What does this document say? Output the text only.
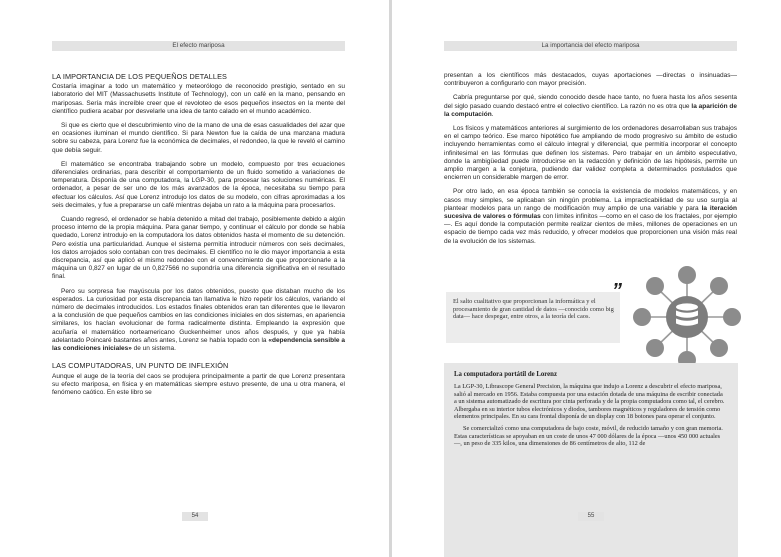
El efecto mariposa
LA IMPORTANCIA DE LOS PEQUEÑOS DETALLES

Costaría imaginar a todo un matemático y meteorólogo de reconocido prestigio, sentado en su laboratorio del MIT (Massachusetts Institute of Technology), con un café en la mano, pensando en mariposas. Sería más increíble creer que el revoloteo de esos pequeños insectos en la mente del científico pudiera acabar por desvelarle una idea de tanto calado en el mundo académico.

Si que es cierto que el descubrimiento vino de la mano de una de esas casualidades del azar que en ocasiones iluminan el mundo científico. Si para Newton fue la caída de una manzana madura sobre su cabeza, para Lorenz fue la económica de decimales, el redondeo, la que le reveló el camino que debía seguir.

El matemático se encontraba trabajando sobre un modelo, compuesto por tres ecuaciones diferenciales ordinarias, para describir el comportamiento de un fluido sometido a variaciones de temperatura. Disponía de una computadora, la LGP-30, para procesar las soluciones numéricas. El ordenador, a pesar de ser uno de los más avanzados de la época, necesitaba su tiempo para efectuar los cálculos. Así que Lorenz introdujo los datos de su modelo, con cifras aproximadas a los seis decimales, y fue a prepararse un café mientras dejaba un rato a la máquina para procesarlos.

Cuando regresó, el ordenador se había detenido a mitad del trabajo, posiblemente debido a algún proceso interno de la propia máquina. Para ganar tiempo, y continuar el cálculo por donde se había quedado, Lorenz introdujo en la computadora los datos obtenidos hasta el momento de su detención. Pero existía una particularidad. Aunque el sistema permitía introducir números con seis decimales, los datos arrojados solo contaban con tres decimales. El científico no le dio mayor importancia a esta discrepancia, así que aplicó el mismo redondeo con el convencimiento de que proporcionarle a la máquina un 0,827 en lugar de un 0,827566 no supondría una diferencia significativa en el resultado final.

Pero su sorpresa fue mayúscula por los datos obtenidos, puesto que distaban mucho de los esperados. La curiosidad por esta discrepancia tan llamativa le hizo repetir los cálculos, variando el número de decimales introducidos. Los estados finales obtenidos eran tan diferentes que le llevaron a la conclusión de que pequeños cambios en las condiciones iniciales en dos sistemas, en apariencia similares, los hacían evolucionar de forma radicalmente distinta. Empleando la expresión que acuñaría el matemático norteamericano Guckenheimer unos años después, y que ya había adelantado Poincaré bastantes años antes, Lorenz se había topado con la «dependencia sensible a las condiciones iniciales» de un sistema.

LAS COMPUTADORAS, UN PUNTO DE INFLEXIÓN

Aunque el auge de la teoría del caos se produjera principalmente a partir de que Lorenz presentara su efecto mariposa, en física y en matemáticas siempre estuvo presente, de una u otra manera, el fenómeno caótico. En este libro se

54
La importancia del efecto mariposa

presentan a los científicos más destacados, cuyas aportaciones —directas o insinuadas— contribuyeron a configurarlo con mayor precisión.

Cabría preguntarse por qué, siendo conocido desde hace tanto, no fuera hasta los años sesenta del siglo pasado cuando destacó entre el colectivo científico. La razón no es otra que la aparición de la computación.

Los físicos y matemáticos anteriores al surgimiento de los ordenadores desarrollaban sus trabajos en el campo teórico. Ese marco hipotético fue ampliando de modo progresivo su ámbito de estudio incluyendo herramientas como el cálculo integral y diferencial, que permitía incorporar el concepto infinitesimal en las fórmulas que definen los sistemas. Pero trabajar en un ámbito especulativo, donde la ambigüedad puede introducirse en la redacción y definición de las hipótesis, permite un amplio margen a la conjetura, pudiendo dar validez completa a determinados postulados que encierren un considerable margen de error.

Por otro lado, en esa época también se conocía la existencia de modelos matemáticos, y en casos muy simples, se aplicaban sin ningún problema. La impracticabilidad de su uso surgía al plantear modelos para un rango de modificación muy amplio de una variable y para la iteración sucesiva de valores o fórmulas con límites infinitos —como en el caso de los fractales, por ejemplo—. Es aquí donde la computación permite realizar cientos de miles, millones de operaciones en un espacio de tiempo cada vez más reducido, y ofrecer modelos que proporcionen una visión más real de la evolución de los sistemas.

El salto cualitativo que proporcionan la informática y el procesamiento de gran cantidad de datos —conocido como big data— hace despegar, entre otros, a la teoría del caos.
”
La computadora portátil de Lorenz

La LGP-30, Librascope General Precision, la máquina que indujo a Lorenz a descubrir el efecto mariposa, salió al mercado en 1956. Estaba compuesta por una estación dotada de una máquina de escribir conectada a un sistema automatizado de escritura por cinta perforada y de la propia computadora como tal, el cerebro. Albergaba en su interior tubos electrónicos y diodos, tambores magnéticos y reguladores de tensión como elementos principales. En su cara frontal disponía de un display con 18 botones para operar el conjunto.

Se comercializó como una computadora de bajo coste, móvil, de reducido tamaño y con gran memoria. Estas características se apoyaban en un coste de unos 47 000 dólares de la época —unos 450 000 actuales—, un peso de 335 kilos, una dimensiones de 86 centímetros de alto, 112 de

55
